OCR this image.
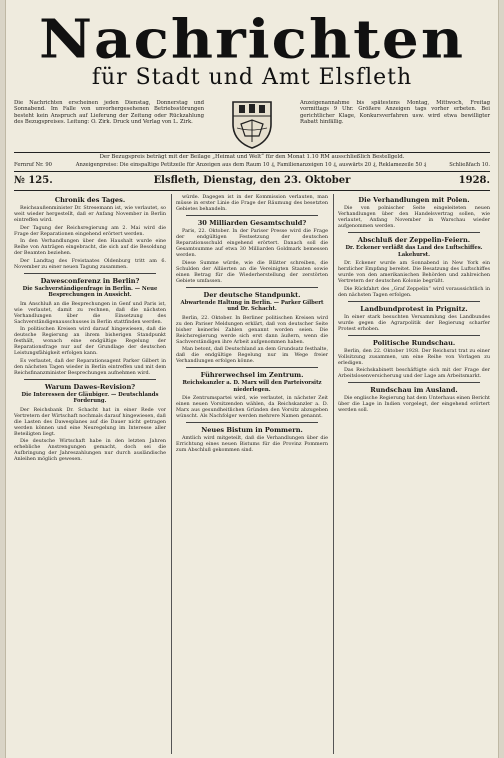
Nachrichten
für Stadt und Amt Elsfleth
Die Nachrichten erscheinen jeden Dienstag, Donnerstag und Sonnabend. Im Falle von unvorhergesehenen Betriebsstörungen besteht kein Anspruch auf Lieferung der Zeitung oder Rückzahlung des Bezugspreises. Leitung: O. Zirk. Druck und Verlag von L. Zirk.
Anzeigenannahme bis spätestens Montag, Mittwoch, Freitag vormittags 9 Uhr. Größere Anzeigen tags vorher erbeten. Bei gerichtlicher Klage, Konkursverfahren usw. wird etwa bewilligter Rabatt hinfällig.
Der Bezugspreis beträgt mit der Beilage „Heimat und Welt“ für den Monat 1.10 RM ausschließlich Bestellgeld.
Fernruf Nr. 90	Anzeigenpreise: Die einspaltige Petitzeile für Anzeigen aus dem Raum 10 ₰, Familienanzeigen 10 ₰, auswärts 20 ₰, Reklamezeile 50 ₰	Schließfach 10.
№ 125.	Elsfleth, Dienstag, den 23. Oktober	1928.
Chronik des Tages.
Reichsaußenminister Dr. Stresemann ist, wie verlautet, so weit wieder hergestellt, daß er Anfang November in Berlin eintreffen wird.
Der Tagung der Reichsregierung am 2. Mai wird die Frage der Reparationen eingehend erörtert werden.
In den Verhandlungen über den Haushalt wurde eine Reihe von Anträgen eingebracht, die sich auf die Besoldung der Beamten beziehen.
Der Landtag des Freistaates Oldenburg tritt am 6. November zu einer neuen Tagung zusammen.
Dawesconferenz in Berlin?
Die Sachverständigenfrage in Berlin. — Neue Besprechungen in Aussicht.
Im Anschluß an die Besprechungen in Genf und Paris ist, wie verlautet, damit zu rechnen, daß die nächsten Verhandlungen über die Einsetzung des Sachverständigenausschusses in Berlin stattfinden werden.
In politischen Kreisen wird darauf hingewiesen, daß die deutsche Regierung an ihrem bisherigen Standpunkt festhält, wonach eine endgültige Regelung der Reparationsfrage nur auf der Grundlage der deutschen Leistungsfähigkeit erfolgen kann.
Es verlautet, daß der Reparationsagent Parker Gilbert in den nächsten Tagen wieder in Berlin eintreffen und mit dem Reichsfinanzminister Besprechungen aufnehmen wird.
Warum Dawes-Revision?
Die Interessen der Gläubiger. — Deutschlands Forderung.
Der Reichsbank Dr. Schacht hat in einer Rede vor Vertretern der Wirtschaft nochmals darauf hingewiesen, daß die Lasten des Dawesplanes auf die Dauer nicht getragen werden können und eine Neuregelung im Interesse aller Beteiligten liegt.
Die deutsche Wirtschaft habe in den letzten Jahren erhebliche Anstrengungen gemacht, doch sei die Aufbringung der Jahreszahlungen nur durch ausländische Anleihen möglich gewesen.
würde. Dagegen ist in der Kommission verlauten, man müsse in erster Linie die Frage der Räumung des besetzten Gebietes behandeln.
30 Milliarden Gesamtschuld?
Paris, 22. Oktober. In der Pariser Presse wird die Frage der endgültigen Festsetzung der deutschen Reparationsschuld eingehend erörtert. Danach soll die Gesamtsumme auf etwa 30 Milliarden Goldmark bemessen werden.
Diese Summe würde, wie die Blätter schreiben, die Schulden der Alliierten an die Vereinigten Staaten sowie einen Betrag für die Wiederherstellung der zerstörten Gebiete umfassen.
Der deutsche Standpunkt.
Abwartende Haltung in Berlin. — Parker Gilbert und Dr. Schacht.
Berlin, 22. Oktober. In Berliner politischen Kreisen wird zu den Pariser Meldungen erklärt, daß von deutscher Seite bisher keinerlei Zahlen genannt worden seien. Die Reichsregierung werde sich erst dann äußern, wenn die Sachverständigen ihre Arbeit aufgenommen haben.
Man betont, daß Deutschland an dem Grundsatz festhalte, daß die endgültige Regelung nur im Wege freier Verhandlungen erfolgen könne.
Führerwechsel im Zentrum.
Reichskanzler a. D. Marx will den Parteivorsitz niederlegen.
Die Zentrumspartei wird, wie verlautet, in nächster Zeit einen neuen Vorsitzenden wählen, da Reichskanzler a. D. Marx aus gesundheitlichen Gründen den Vorsitz abzugeben wünscht. Als Nachfolger werden mehrere Namen genannt.
Neues Bistum in Pommern.
Amtlich wird mitgeteilt, daß die Verhandlungen über die Errichtung eines neuen Bistums für die Provinz Pommern zum Abschluß gekommen sind.
Die Verhandlungen mit Polen.
Die von polnischer Seite eingeleiteten neuen Verhandlungen über den Handelsvertrag sollen, wie verlautet, Anfang November in Warschau wieder aufgenommen werden.
Abschluß der Zeppelin-Feiern.
Dr. Eckener verläßt das Land des Luftschiffes. Lakehurst.
Dr. Eckener wurde am Sonnabend in New York ein herzlicher Empfang bereitet. Die Besatzung des Luftschiffes wurde von den amerikanischen Behörden und zahlreichen Vertretern der deutschen Kolonie begrüßt.
Die Rückfahrt des „Graf Zeppelin“ wird voraussichtlich in den nächsten Tagen erfolgen.
Landbundprotest in Prignitz.
In einer stark besuchten Versammlung des Landbundes wurde gegen die Agrarpolitik der Regierung scharfer Protest erhoben.
Politische Rundschau.
Berlin, den 22. Oktober 1928. Der Reichsrat trat zu einer Vollsitzung zusammen, um eine Reihe von Vorlagen zu erledigen.
Das Reichskabinett beschäftigte sich mit der Frage der Arbeitslosenversicherung und der Lage am Arbeitsmarkt.
Rundschau im Ausland.
Die englische Regierung hat dem Unterhaus einen Bericht über die Lage in Indien vorgelegt, der eingehend erörtert werden soll.
